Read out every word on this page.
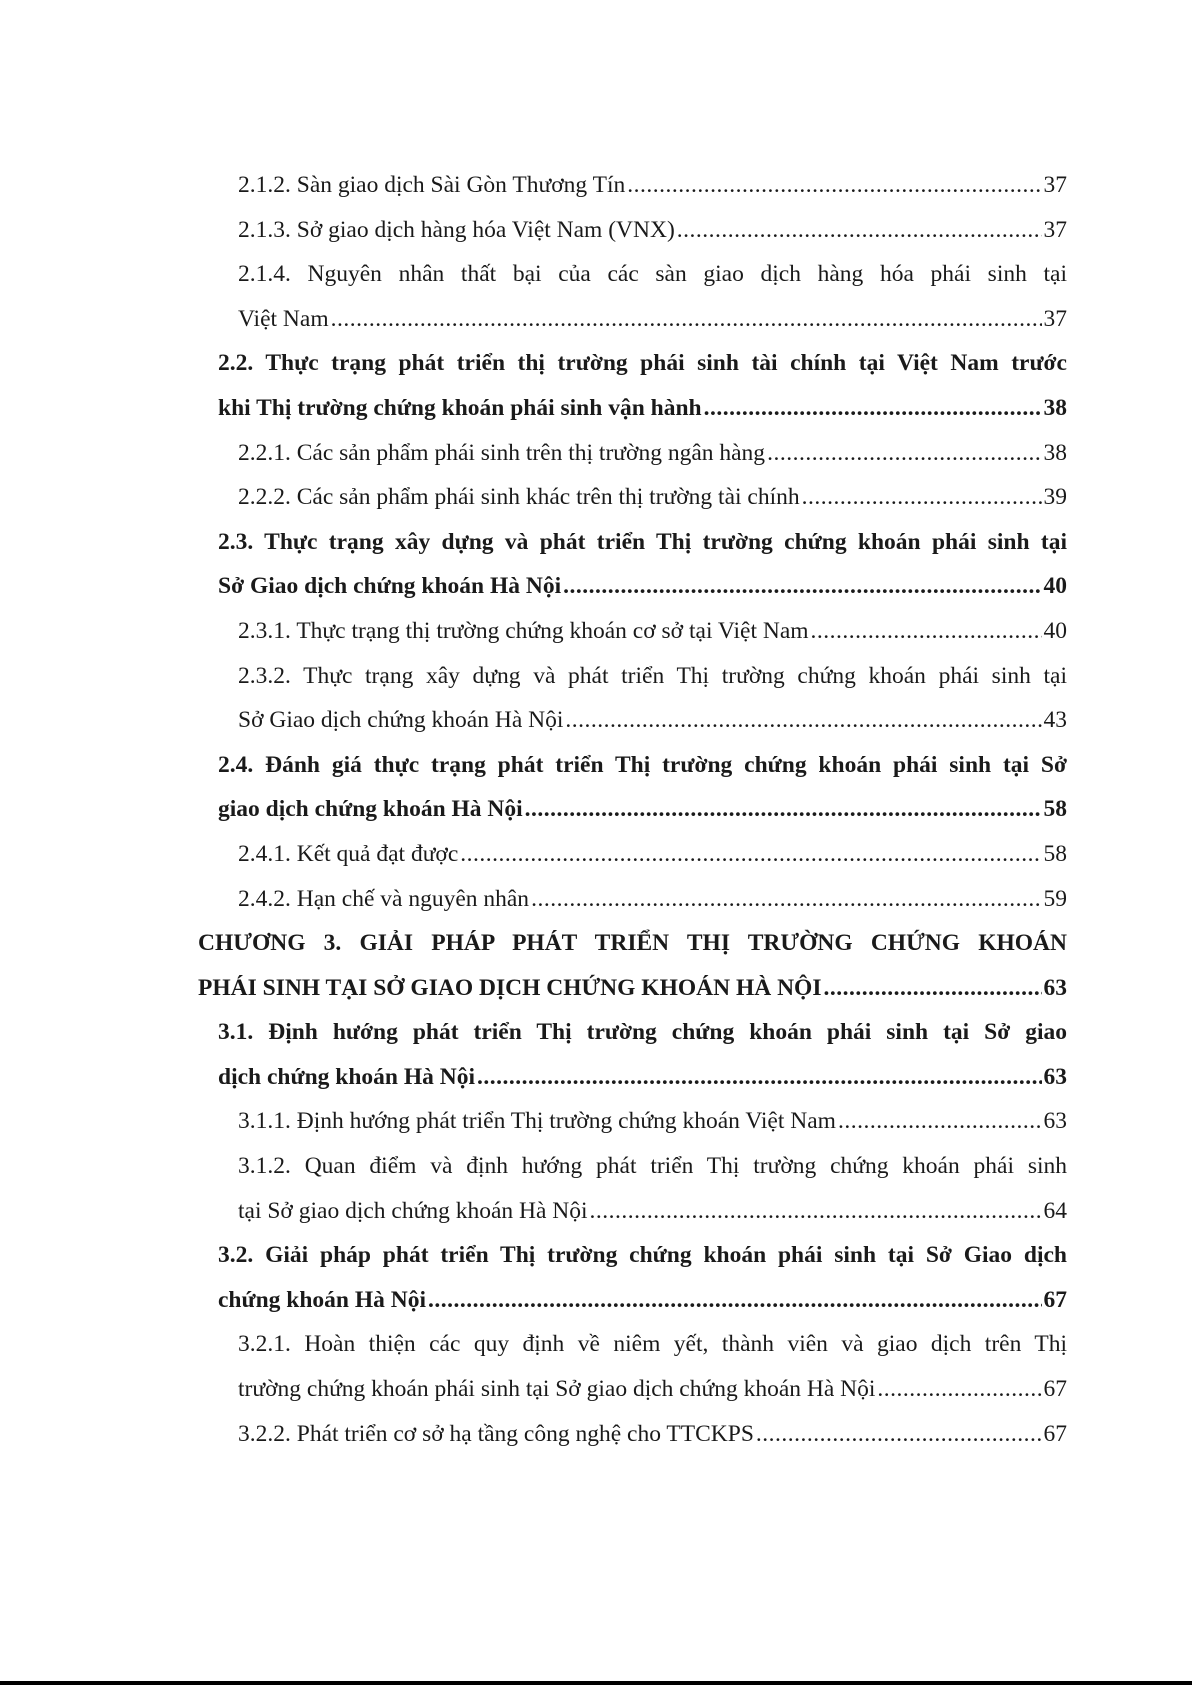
2.1.2. Sàn giao dịch Sài Gòn Thương Tín .....	37
2.1.3. Sở giao dịch hàng hóa Việt Nam (VNX) .....	37
2.1.4. Nguyên nhân thất bại của các sàn giao dịch hàng hóa phái sinh tại
Việt Nam .....	37
2.2. Thực trạng phát triển thị trường phái sinh tài chính tại Việt Nam trước
khi Thị trường chứng khoán phái sinh vận hành .....	38
2.2.1. Các sản phẩm phái sinh trên thị trường ngân hàng .....	38
2.2.2. Các sản phẩm phái sinh khác trên thị trường tài chính .....	39
2.3. Thực trạng xây dựng và phát triển Thị trường chứng khoán phái sinh tại
Sở Giao dịch chứng khoán Hà Nội .....	40
2.3.1. Thực trạng thị trường chứng khoán cơ sở tại Việt Nam .....	40
2.3.2. Thực trạng xây dựng và phát triển Thị trường chứng khoán phái sinh tại
Sở Giao dịch chứng khoán Hà Nội .....	43
2.4. Đánh giá thực trạng phát triển Thị trường chứng khoán phái sinh tại Sở
giao dịch chứng khoán Hà Nội .....	58
2.4.1. Kết quả đạt được .....	58
2.4.2. Hạn chế và nguyên nhân .....	59
CHƯƠNG 3. GIẢI PHÁP PHÁT TRIỂN THỊ TRƯỜNG CHỨNG KHOÁN
PHÁI SINH TẠI SỞ GIAO DỊCH CHỨNG KHOÁN HÀ NỘI .....	63
3.1. Định hướng phát triển Thị trường chứng khoán phái sinh tại Sở giao
dịch chứng khoán Hà Nội .....	63
3.1.1. Định hướng phát triển Thị trường chứng khoán Việt Nam .....	63
3.1.2. Quan điểm và định hướng phát triển Thị trường chứng khoán phái sinh
tại Sở giao dịch chứng khoán Hà Nội .....	64
3.2. Giải pháp phát triển Thị trường chứng khoán phái sinh tại Sở Giao dịch
chứng khoán Hà Nội .....	67
3.2.1. Hoàn thiện các quy định về niêm yết, thành viên và giao dịch trên Thị
trường chứng khoán phái sinh tại Sở giao dịch chứng khoán Hà Nội .....	67
3.2.2. Phát triển cơ sở hạ tầng công nghệ cho TTCKPS .....	67
